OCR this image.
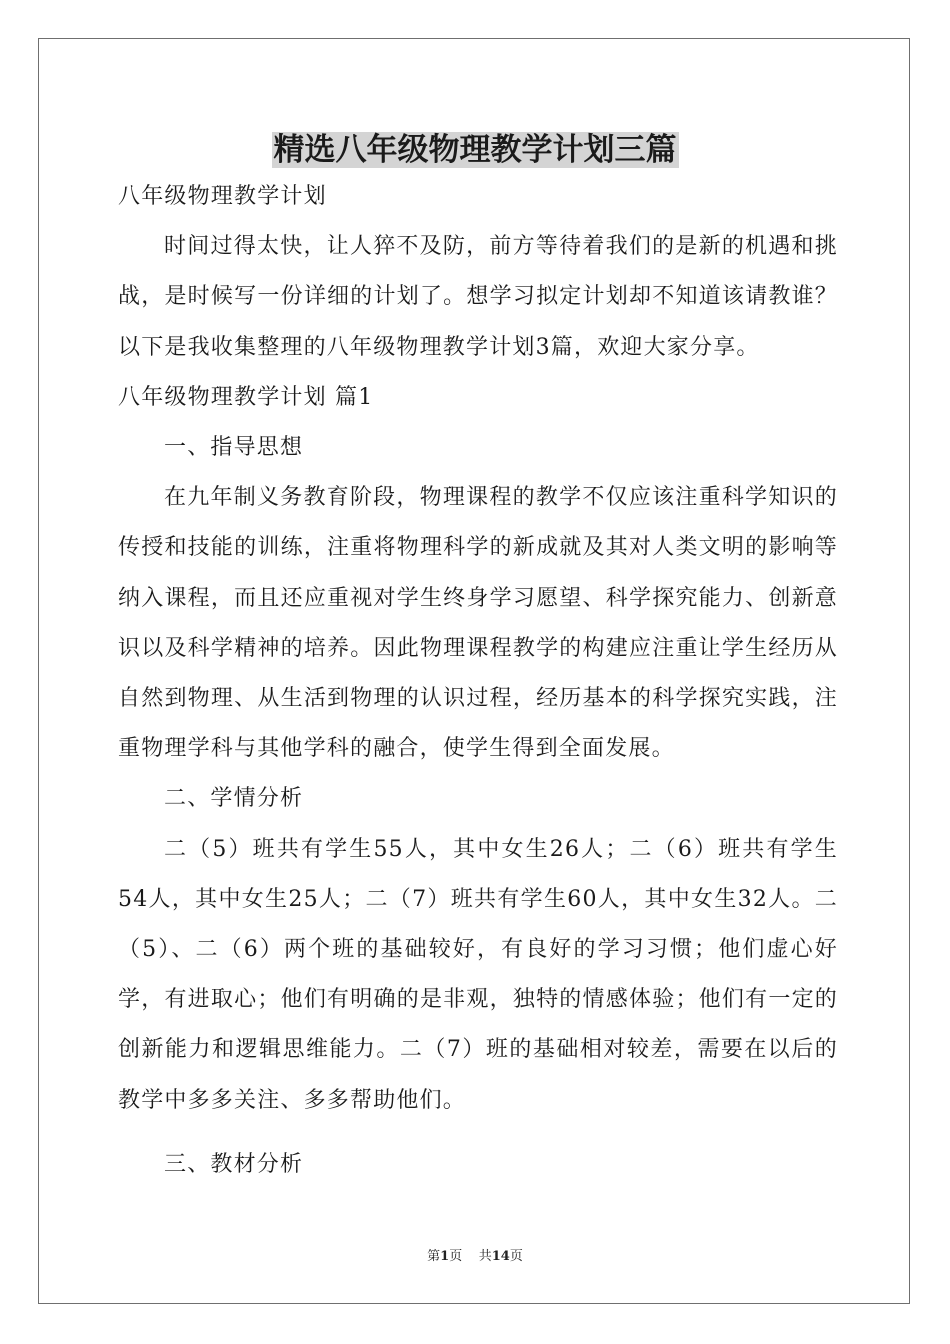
精选八年级物理教学计划三篇

八年级物理教学计划

时间过得太快，让人猝不及防，前方等待着我们的是新的机遇和挑战，是时候写一份详细的计划了。想学习拟定计划却不知道该请教谁？以下是我收集整理的八年级物理教学计划3篇，欢迎大家分享。

八年级物理教学计划 篇1

一、指导思想

在九年制义务教育阶段，物理课程的教学不仅应该注重科学知识的传授和技能的训练，注重将物理科学的新成就及其对人类文明的影响等纳入课程，而且还应重视对学生终身学习愿望、科学探究能力、创新意识以及科学精神的培养。因此物理课程教学的构建应注重让学生经历从自然到物理、从生活到物理的认识过程，经历基本的科学探究实践，注重物理学科与其他学科的融合，使学生得到全面发展。

二、学情分析

二（5）班共有学生55人，其中女生26人；二（6）班共有学生54人，其中女生25人；二（7）班共有学生60人，其中女生32人。二（5）、二（6）两个班的基础较好，有良好的学习习惯；他们虚心好学，有进取心；他们有明确的是非观，独特的情感体验；他们有一定的创新能力和逻辑思维能力。二（7）班的基础相对较差，需要在以后的教学中多多关注、多多帮助他们。

三、教材分析

第1页 共14页
